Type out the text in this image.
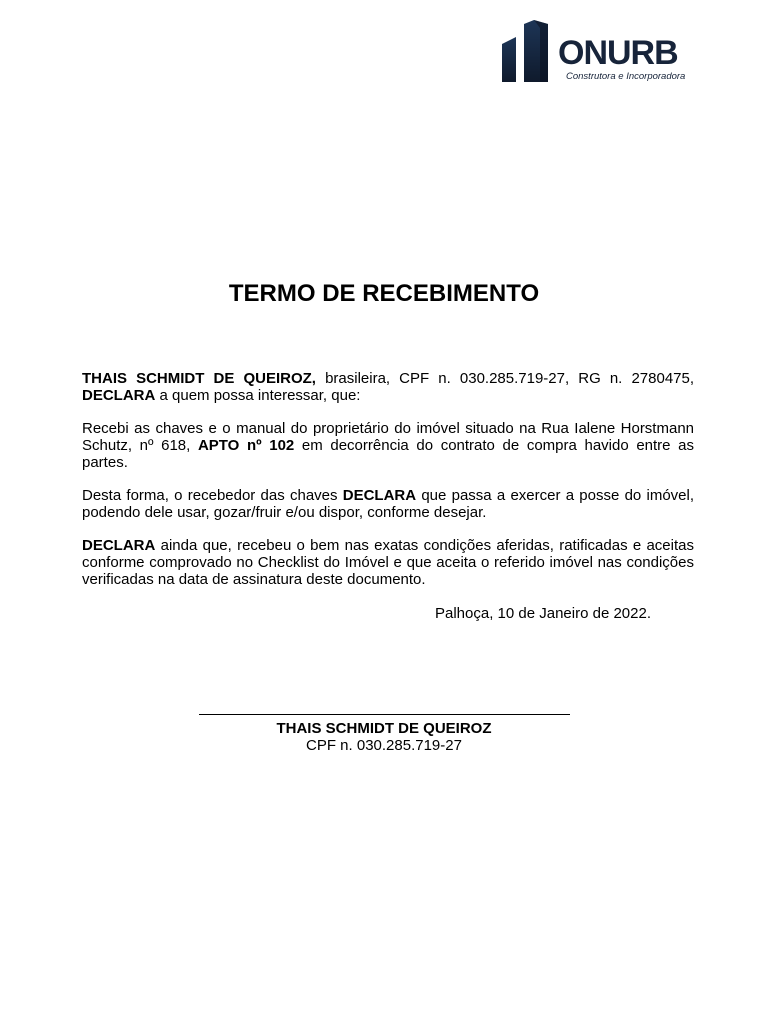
ONURB
Construtora e Incorporadora
TERMO DE RECEBIMENTO
THAIS SCHMIDT DE QUEIROZ, brasileira, CPF n. 030.285.719-27, RG n. 2780475, DECLARA a quem possa interessar, que:
Recebi as chaves e o manual do proprietário do imóvel situado na Rua Ialene Horstmann Schutz, nº 618, APTO nº 102 em decorrência do contrato de compra havido entre as partes.
Desta forma, o recebedor das chaves DECLARA que passa a exercer a posse do imóvel, podendo dele usar, gozar/fruir e/ou dispor, conforme desejar.
DECLARA ainda que, recebeu o bem nas exatas condições aferidas, ratificadas e aceitas conforme comprovado no Checklist do Imóvel e que aceita o referido imóvel nas condições verificadas na data de assinatura deste documento.
Palhoça, 10 de Janeiro de 2022.
THAIS SCHMIDT DE QUEIROZ
CPF n. 030.285.719-27
